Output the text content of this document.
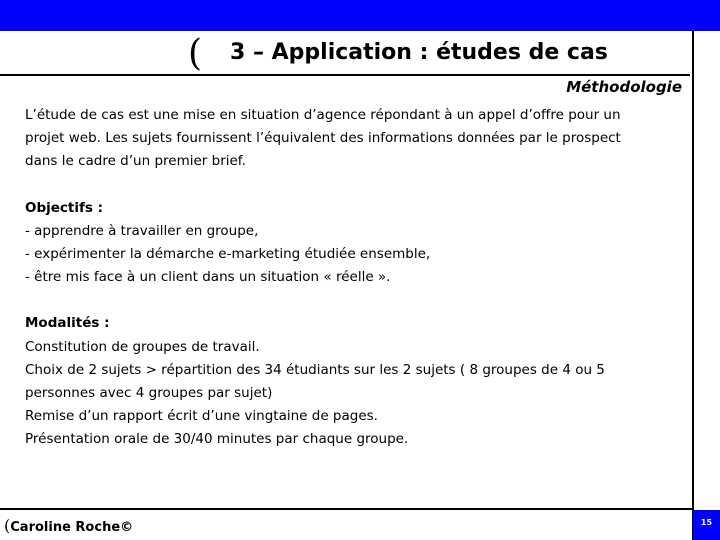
( 3 – Application : études de cas
Méthodologie

L’étude de cas est une mise en situation d’agence répondant à un appel d’offre pour un

projet web. Les sujets fournissent l’équivalent des informations données par le prospect

dans le cadre d’un premier brief.

Objectifs :

- apprendre à travailler en groupe,

- expérimenter la démarche e-marketing étudiée ensemble,

- être mis face à un client dans un situation « réelle ».

Modalités :

Constitution de groupes de travail.

Choix de 2 sujets > répartition des 34 étudiants sur les 2 sujets ( 8 groupes de 4 ou 5

personnes avec 4 groupes par sujet)

Remise d’un rapport écrit d’une vingtaine de pages.

Présentation orale de 30/40 minutes par chaque groupe.

(Caroline Roche©	15
